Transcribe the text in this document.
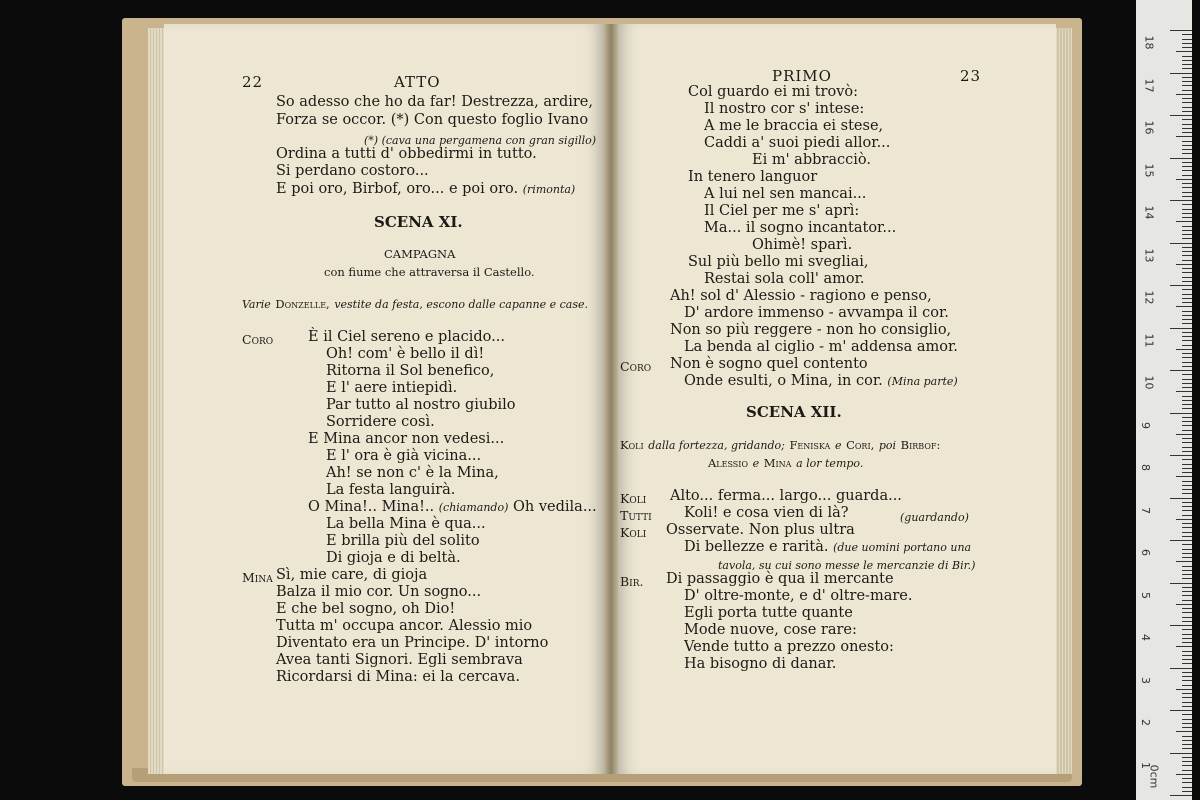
22	ATTO
So adesso che ho da far! Destrezza, ardire,
Forza se occor. (*) Con questo foglio Ivano
(*) (cava una pergamena con gran sigillo)
Ordina a tutti d' obbedirmi in tutto.
Si perdano costoro...
E poi oro, Birbof, oro... e poi oro. (rimonta)
SCENA XI.
CAMPAGNA
con fiume che attraversa il Castello.
Varie Donzelle, vestite da festa, escono dalle capanne e case.
Coro È il Ciel sereno e placido...
Oh! com' è bello il dì!
Ritorna il Sol benefico,
E l' aere intiepidì.
Par tutto al nostro giubilo
Sorridere così.
E Mina ancor non vedesi...
E l' ora è già vicina...
Ah! se non c' è la Mina,
La festa languirà.
O Mina!.. Mina!.. (chiamando) Oh vedila...
La bella Mina è qua...
E brilla più del solito
Di gioja e di beltà.
Mina Sì, mie care, di gioja
Balza il mio cor. Un sogno...
E che bel sogno, oh Dio!
Tutta m' occupa ancor. Alessio mio
Diventato era un Principe. D' intorno
Avea tanti Signori. Egli sembrava
Ricordarsi di Mina: ei la cercava.
PRIMO	23
Col guardo ei mi trovò:
Il nostro cor s' intese:
A me le braccia ei stese,
Caddi a' suoi piedi allor...
Ei m' abbracciò.
In tenero languor
A lui nel sen mancai...
Il Ciel per me s' aprì:
Ma... il sogno incantator...
Ohimè! sparì.
Sul più bello mi svegliai,
Restai sola coll' amor.
Ah! sol d' Alessio - ragiono e penso,
D' ardore immenso - avvampa il cor.
Non so più reggere - non ho consiglio,
La benda al ciglio - m' addensa amor.
Coro Non è sogno quel contento
Onde esulti, o Mina, in cor. (Mina parte)
SCENA XII.
Koli dalla fortezza, gridando; Feniska e Cori, poi Birbof:
Alessio e Mina a lor tempo.
Koli Alto... ferma... largo... guarda...
Tutti Koli! e cosa vien di là?	(guardando)
Koli Osservate. Non plus ultra
Di bellezze e rarità. (due uomini portano una
tavola, su cui sono messe le mercanzie di Bir.)
Bir. Di passaggio è qua il mercante
D' oltre-monte, e d' oltre-mare.
Egli porta tutte quante
Mode nuove, cose rare:
Vende tutto a prezzo onesto:
Ha bisogno di danar.
18
17
16
15
14
13
12
11
10
9
8
7
6
5
4
3
2
1
0cm
